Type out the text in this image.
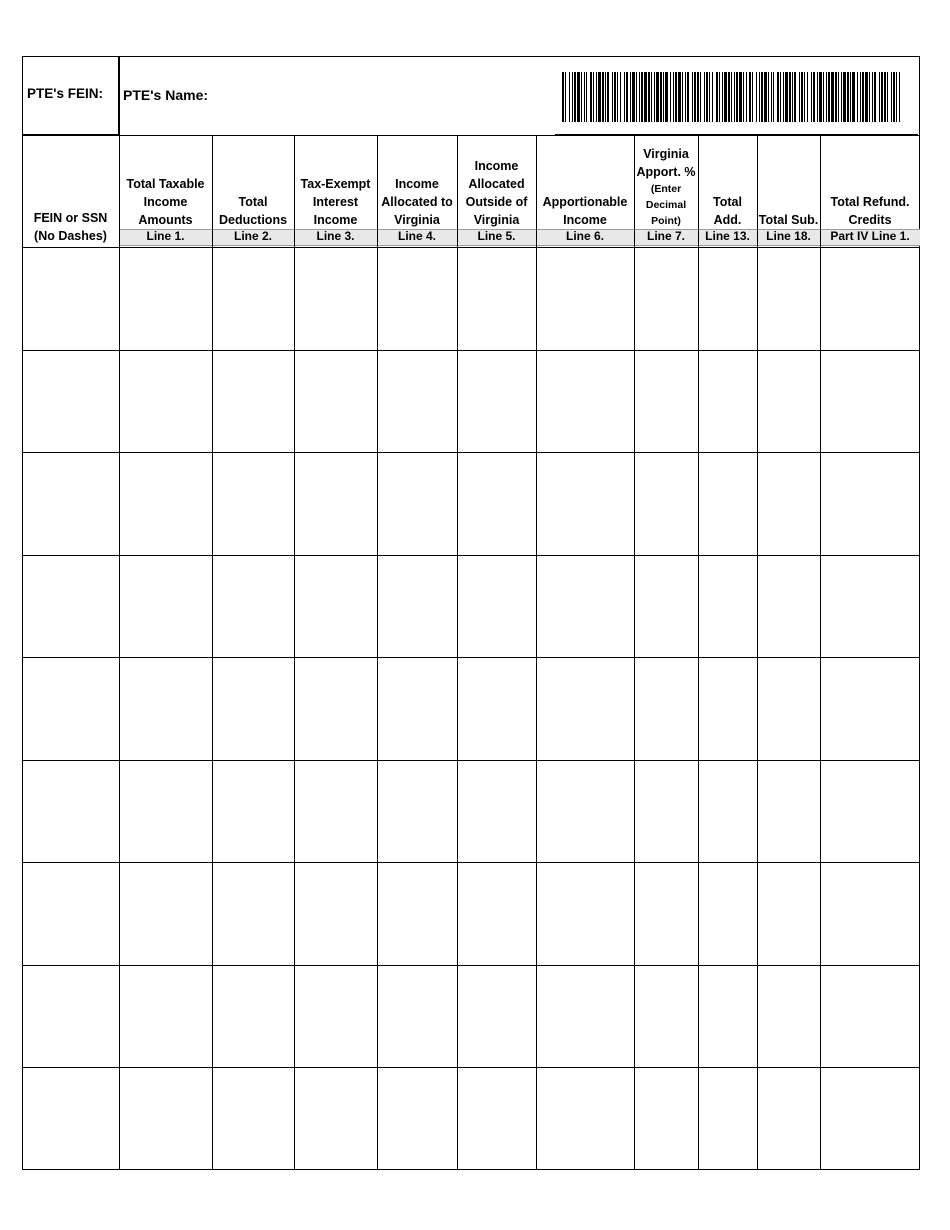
PTE's FEIN: PTE's Name:
FEIN or SSN
(No Dashes)
Total Taxable
Income
Amounts
Line 1.
Total
Deductions
Line 2.
Tax-Exempt
Interest
Income
Line 3.
Income
Allocated to
Virginia
Line 4.
Income
Allocated
Outside of
Virginia
Line 5.
Apportionable
Income
Line 6.
Virginia
Apport. %
(Enter
Decimal
Point)
Line 7.
Total
Add.
Line 13.
Total Sub.
Line 18.
Total Refund.
Credits
Part IV Line 1.
